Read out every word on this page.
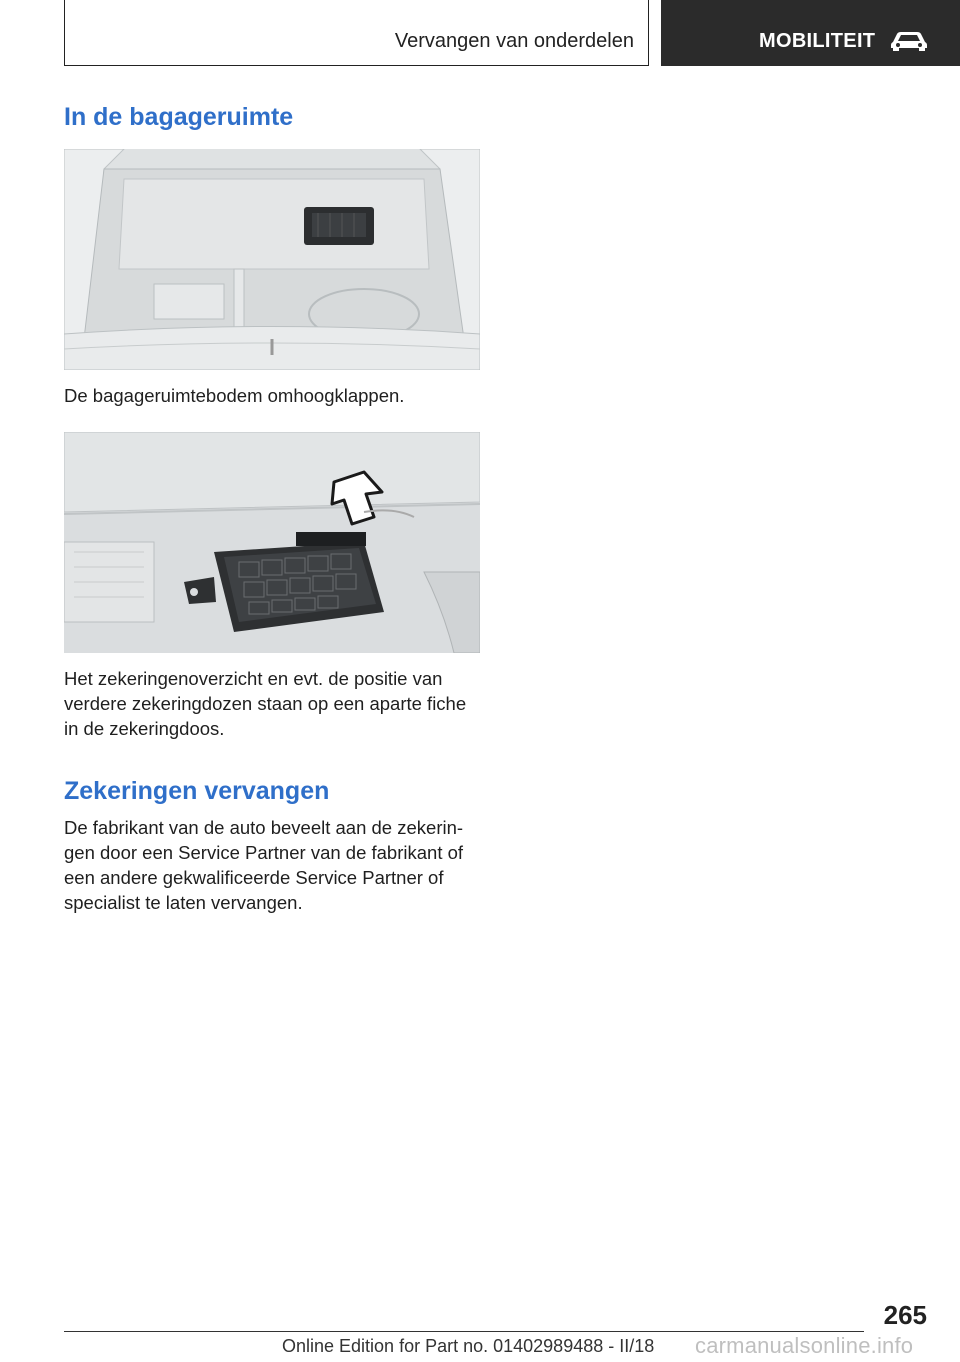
Vervangen van onderdelen	MOBILITEIT
In de bagageruimte
De bagageruimtebodem omhoogklappen.
Het zekeringenoverzicht en evt. de positie van
verdere zekeringdozen staan op een aparte fiche
in de zekeringdoos.
Zekeringen vervangen
De fabrikant van de auto beveelt aan de zekerin-
gen door een Service Partner van de fabrikant of
een andere gekwalificeerde Service Partner of
specialist te laten vervangen.
265
Online Edition for Part no. 01402989488 - II/18 carmanualsonline.info
